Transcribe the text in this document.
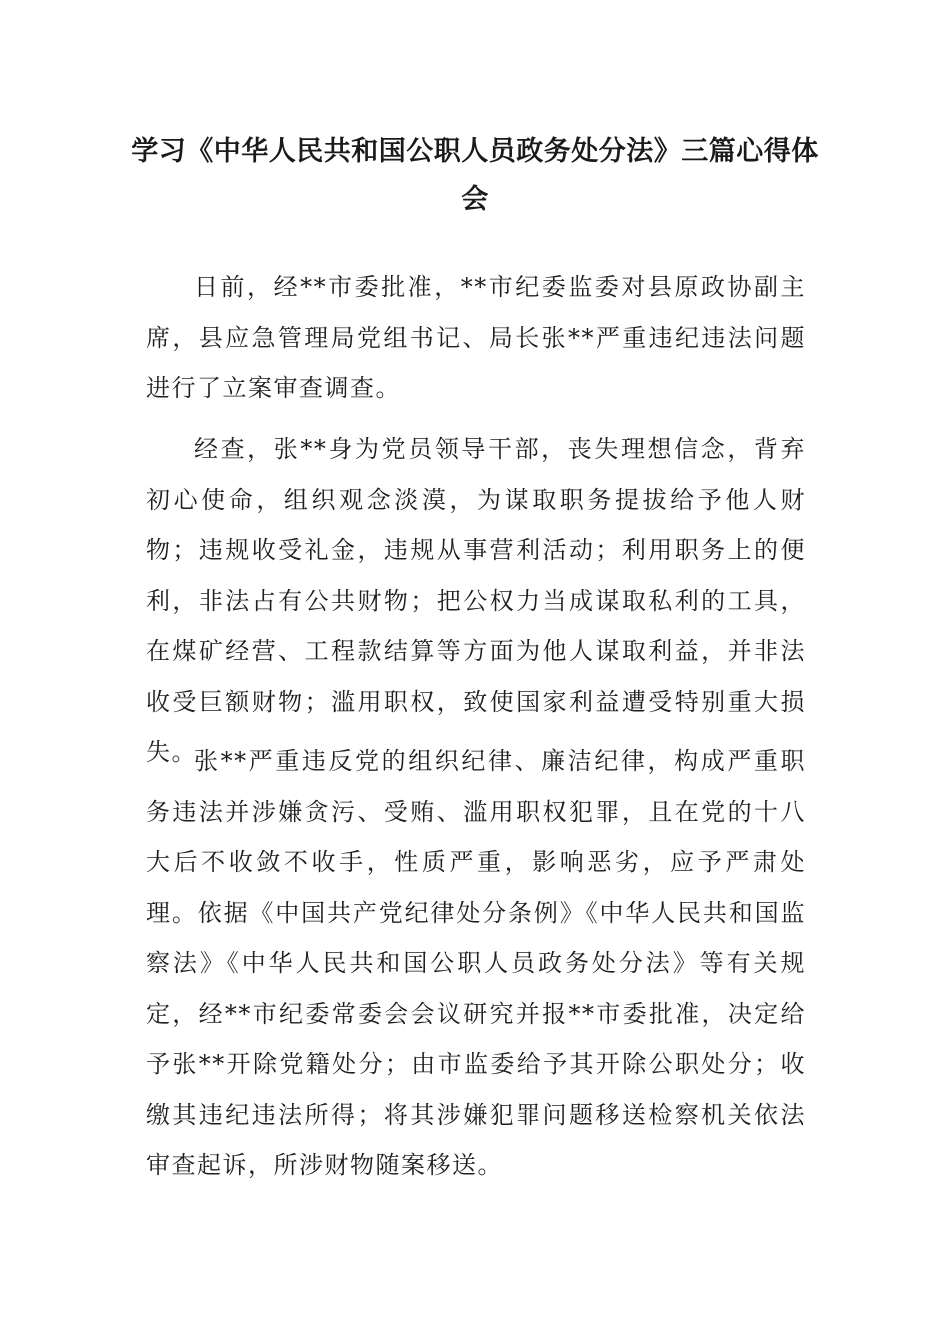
学习《中华人民共和国公职人员政务处分法》三篇心得体会

日前，经**市委批准，**市纪委监委对县原政协副主席，县应急管理局党组书记、局长张**严重违纪违法问题进行了立案审查调查。

经查，张**身为党员领导干部，丧失理想信念，背弃初心使命，组织观念淡漠，为谋取职务提拔给予他人财物；违规收受礼金，违规从事营利活动；利用职务上的便利，非法占有公共财物；把公权力当成谋取私利的工具，在煤矿经营、工程款结算等方面为他人谋取利益，并非法收受巨额财物；滥用职权，致使国家利益遭受特别重大损失。

张**严重违反党的组织纪律、廉洁纪律，构成严重职务违法并涉嫌贪污、受贿、滥用职权犯罪，且在党的十八大后不收敛不收手，性质严重，影响恶劣，应予严肃处理。依据《中国共产党纪律处分条例》《中华人民共和国监察法》《中华人民共和国公职人员政务处分法》等有关规定，经**市纪委常委会会议研究并报**市委批准，决定给予张**开除党籍处分；由市监委给予其开除公职处分；收缴其违纪违法所得；将其涉嫌犯罪问题移送检察机关依法审查起诉，所涉财物随案移送。
